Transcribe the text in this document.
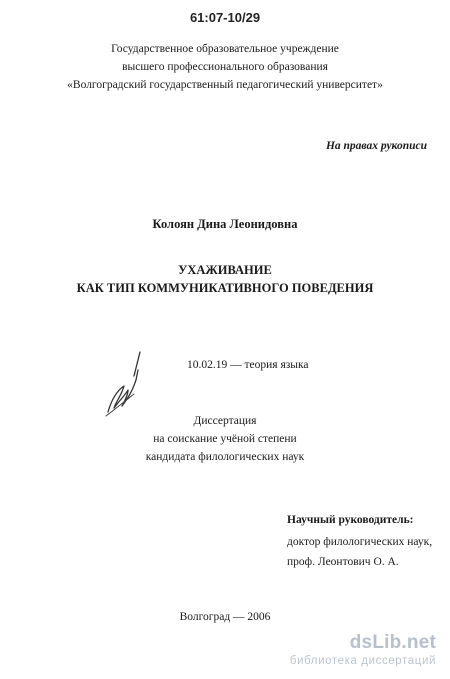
61:07-10/29
Государственное образовательное учреждение
высшего профессионального образования
«Волгоградский государственный педагогический университет»
На правах рукописи
Колоян Дина Леонидовна
УХАЖИВАНИЕ
КАК ТИП КОММУНИКАТИВНОГО ПОВЕДЕНИЯ
10.02.19 — теория языка
Диссертация
на соискание учёной степени
кандидата филологических наук
Научный руководитель:
доктор филологических наук,
проф. Леонтович О. А.
Волгоград — 2006
dsLib.net
библиотека диссертаций
